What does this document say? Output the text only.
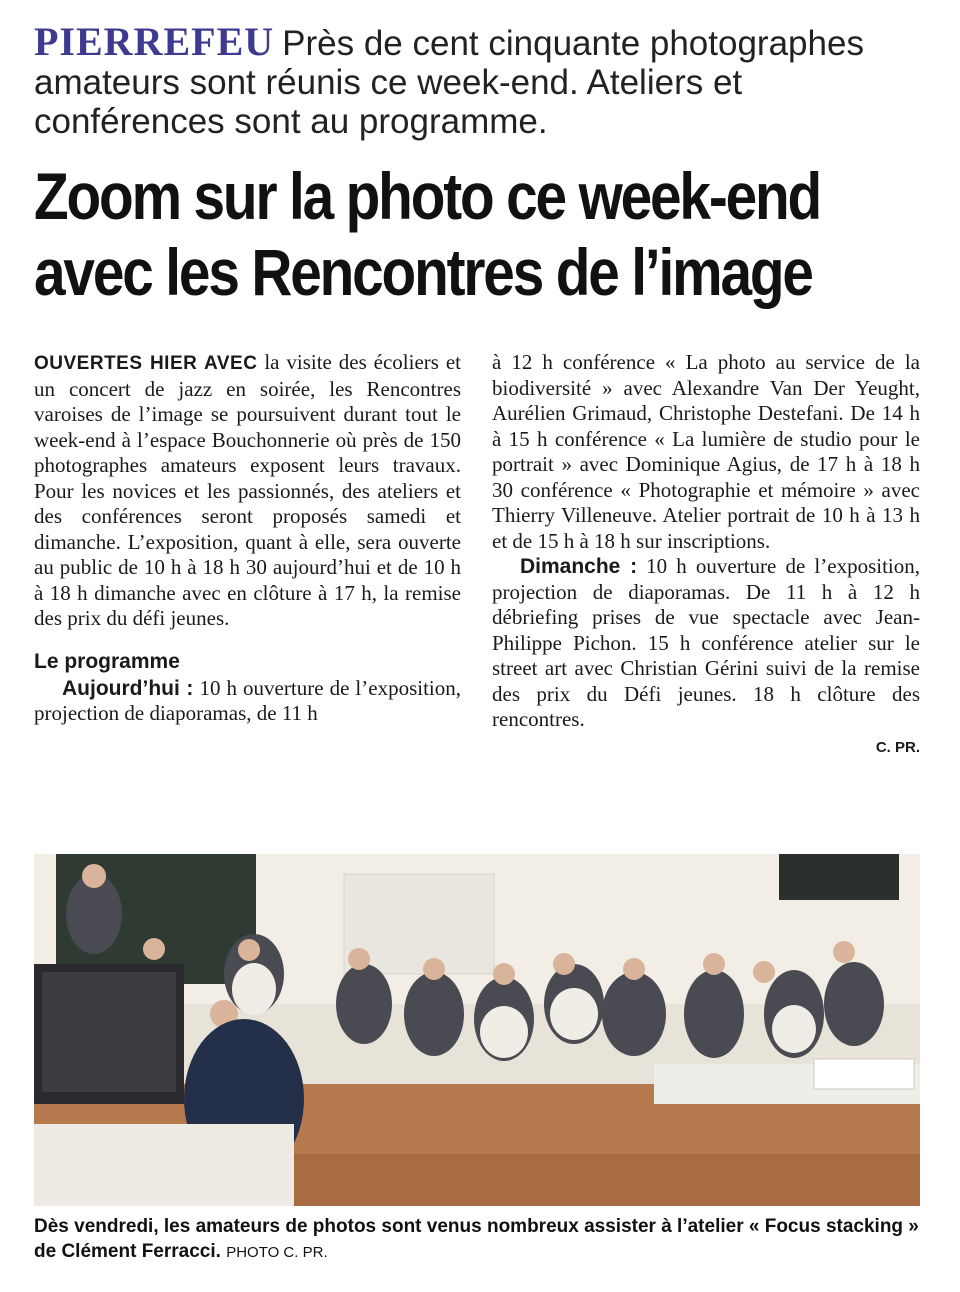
PIERREFEU Près de cent cinquante photographes amateurs sont réunis ce week-end. Ateliers et conférences sont au programme.
Zoom sur la photo ce week-end
avec les Rencontres de l’image

OUVERTES HIER AVEC la visite des écoliers et un concert de jazz en soirée, les Rencontres varoises de l’image se poursuivent durant tout le week-end à l’espace Bouchonnerie où près de 150 photographes amateurs exposent leurs travaux. Pour les novices et les passionnés, des ateliers et des conférences seront proposés samedi et dimanche. L’exposition, quant à elle, sera ouverte au public de 10 h à 18 h 30 aujourd’hui et de 10 h à 18 h dimanche avec en clôture à 17 h, la remise des prix du défi jeunes.

Le programme

Aujourd’hui : 10 h ouverture de l’exposition, projection de diaporamas, de 11 h

à 12 h conférence « La photo au service de la biodiversité » avec Alexandre Van Der Yeught, Aurélien Grimaud, Christophe Destefani. De 14 h à 15 h conférence « La lumière de studio pour le portrait » avec Dominique Agius, de 17 h à 18 h 30 conférence « Photographie et mémoire » avec Thierry Villeneuve. Atelier portrait de 10 h à 13 h et de 15 h à 18 h sur inscriptions.

Dimanche : 10 h ouverture de l’exposition, projection de diaporamas. De 11 h à 12 h débriefing prises de vue spectacle avec Jean-Philippe Pichon. 15 h conférence atelier sur le street art avec Christian Gérini suivi de la remise des prix du Défi jeunes. 18 h clôture des rencontres.

C. PR.

Dès vendredi, les amateurs de photos sont venus nombreux assister à l’atelier « Focus stacking » de Clément Ferracci. PHOTO C. PR.
